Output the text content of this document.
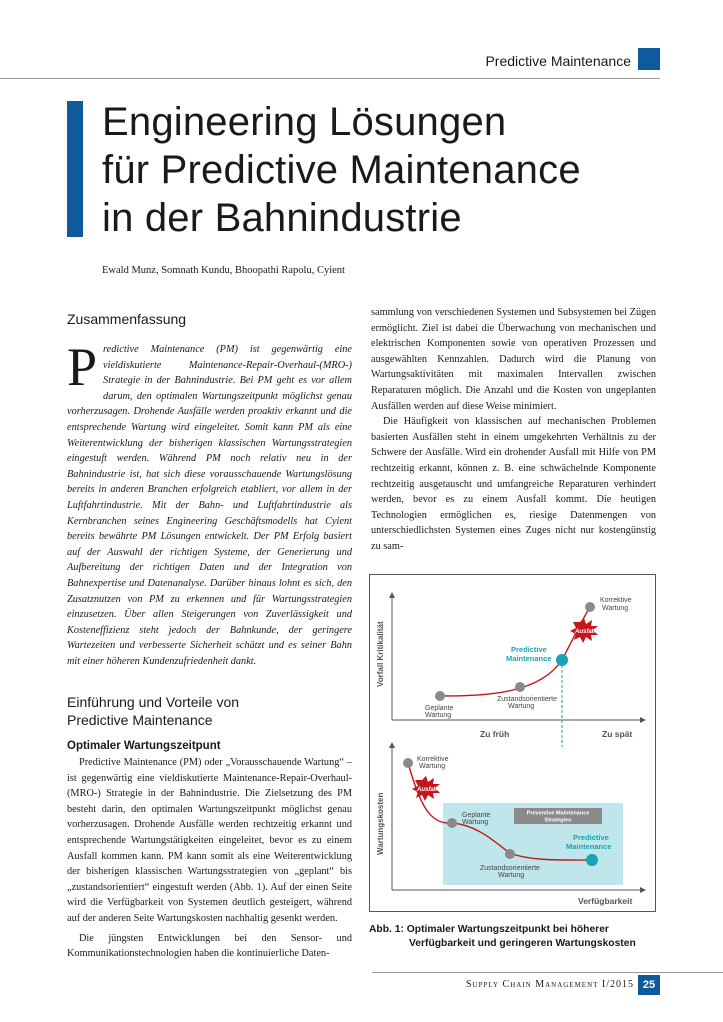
Predictive Maintenance
Engineering Lösungen
für Predictive Maintenance
in der Bahnindustrie
Ewald Munz, Somnath Kundu, Bhoopathi Rapolu, Cyient
Zusammenfassung

Predictive Maintenance (PM) ist gegenwärtig eine vieldiskutierte Maintenance-Repair-Overhaul-(MRO-) Strategie in der Bahnindustrie. Bei PM geht es vor allem darum, den optimalen Wartungszeitpunkt möglichst genau vorherzusagen. Drohende Ausfälle werden proaktiv erkannt und die entsprechende Wartung wird eingeleitet. Somit kann PM als eine Weiterentwicklung der bisherigen klassischen Wartungsstrategien eingestuft werden. Während PM noch relativ neu in der Bahnindustrie ist, hat sich diese vorausschauende Wartungslösung bereits in anderen Branchen erfolgreich etabliert, vor allem in der Luftfahrtindustrie. Mit der Bahn- und Luftfahrtindustrie als Kernbranchen seines Engineering Geschäftsmodells hat Cyient bereits bewährte PM Lösungen entwickelt. Der PM Erfolg basiert auf der Auswahl der richtigen Systeme, der Generierung und Aufbereitung der richtigen Daten und der Integration von Bahnexpertise und Datenanalyse. Darüber hinaus lohnt es sich, den Zusatznutzen von PM zu erkennen und für Wartungsstrategien einzusetzen. Über allen Steigerungen von Zuverlässigkeit und Kosteneffizienz steht jedoch der Bahnkunde, der geringere Wartezeiten und verbesserte Sicherheit schätzt und es seiner Bahn mit einer höheren Kundenzufriedenheit dankt.

Einführung und Vorteile von
Predictive Maintenance
Optimaler Wartungszeitpunt

Predictive Maintenance (PM) oder „Vorausschauende Wartung“ – ist gegenwärtig eine vieldiskutierte Maintenance-Repair-Overhaul-(MRO-) Strategie in der Bahnindustrie. Die Zielsetzung des PM besteht darin, den optimalen Wartungszeitpunkt möglichst genau vorherzusagen. Drohende Ausfälle werden rechtzeitig erkannt und entsprechende Wartungstätigkeiten eingeleitet, bevor es zu einem Ausfall kommen kann. PM kann somit als eine Weiterentwicklung der bisherigen klassischen Wartungsstrategien von „geplant“ bis „zustandsorientiert“ eingestuft werden (Abb. 1). Auf der einen Seite wird die Verfügbarkeit von Systemen deutlich gesteigert, während auf der anderen Seite Wartungskosten nachhaltig gesenkt werden.

Die jüngsten Entwicklungen bei den Sensor- und Kommunikationstechnologien haben die kontinuierliche Daten-

sammlung von verschiedenen Systemen und Subsystemen bei Zügen ermöglicht. Ziel ist dabei die Überwachung von mechanischen und elektrischen Komponenten sowie von operativen Prozessen und ausgewählten Kennzahlen. Dadurch wird die Planung von Wartungsaktivitäten mit maximalen Intervallen zwischen Reparaturen möglich. Die Anzahl und die Kosten von ungeplanten Ausfällen werden auf diese Weise minimiert.

Die Häufigkeit von klassischen auf mechanischen Problemen basierten Ausfällen steht in einem umgekehrten Verhältnis zu der Schwere der Ausfälle. Wird ein drohender Ausfall mit Hilfe von PM rechtzeitig erkannt, können z. B. eine schwächelnde Komponente rechtzeitig ausgetauscht und umfangreiche Reparaturen verhindert werden, bevor es zu einem Ausfall kommt. Die heutigen Technologien ermöglichen es, riesige Datenmengen von unterschiedlichsten Systemen eines Zuges nicht nur kostengünstig zu sam-

Vorfall Kritikalität
Zu früh	Zu spät
Geplante
Wartung
Zustandsorientierte
Wartung
Predictive
Maintenance
Korrektive
Wartung
Ausfall
Preventive Maintenance
Strategien
Wartungskosten
Verfügbarkeit
Korrektive
Wartung
Ausfall
Geplante
Wartung
Zustandsorientierte
Wartung
Predictive
Maintenance
Abb. 1: Optimaler Wartungszeitpunkt bei höherer
Verfügbarkeit und geringeren Wartungskosten
Supply Chain Management I/2015 25
